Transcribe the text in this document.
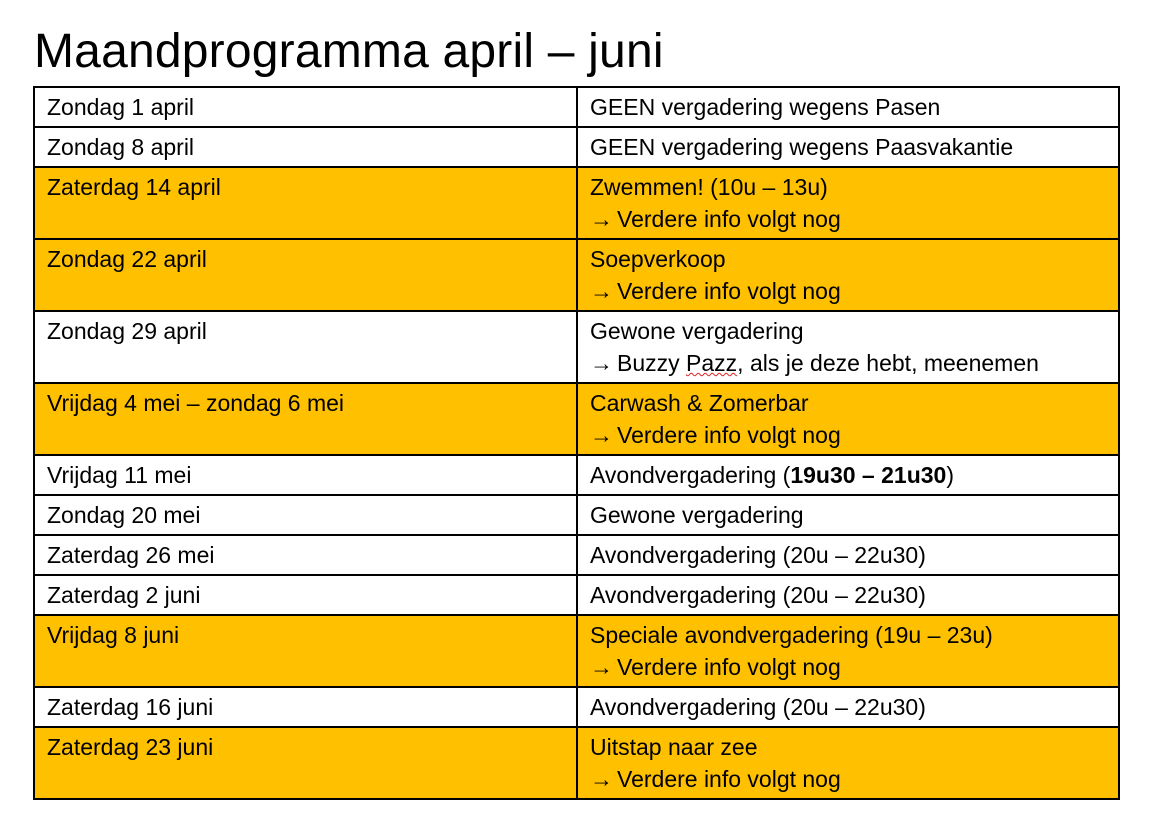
Maandprogramma april – juni
Zondag 1 april	GEEN vergadering wegens Pasen

Zondag 8 april	GEEN vergadering wegens Paasvakantie

Zaterdag 14 april	Zwemmen! (10u – 13u)
→ Verdere info volgt nog

Zondag 22 april	Soepverkoop
→ Verdere info volgt nog

Zondag 29 april	Gewone vergadering
→ Buzzy Pazz, als je deze hebt, meenemen

Vrijdag 4 mei – zondag 6 mei	Carwash & Zomerbar
→ Verdere info volgt nog

Vrijdag 11 mei	Avondvergadering (19u30 – 21u30)

Zondag 20 mei	Gewone vergadering

Zaterdag 26 mei	Avondvergadering (20u – 22u30)

Zaterdag 2 juni	Avondvergadering (20u – 22u30)

Vrijdag 8 juni	Speciale avondvergadering (19u – 23u)
→ Verdere info volgt nog

Zaterdag 16 juni	Avondvergadering (20u – 22u30)

Zaterdag 23 juni	Uitstap naar zee
→ Verdere info volgt nog
